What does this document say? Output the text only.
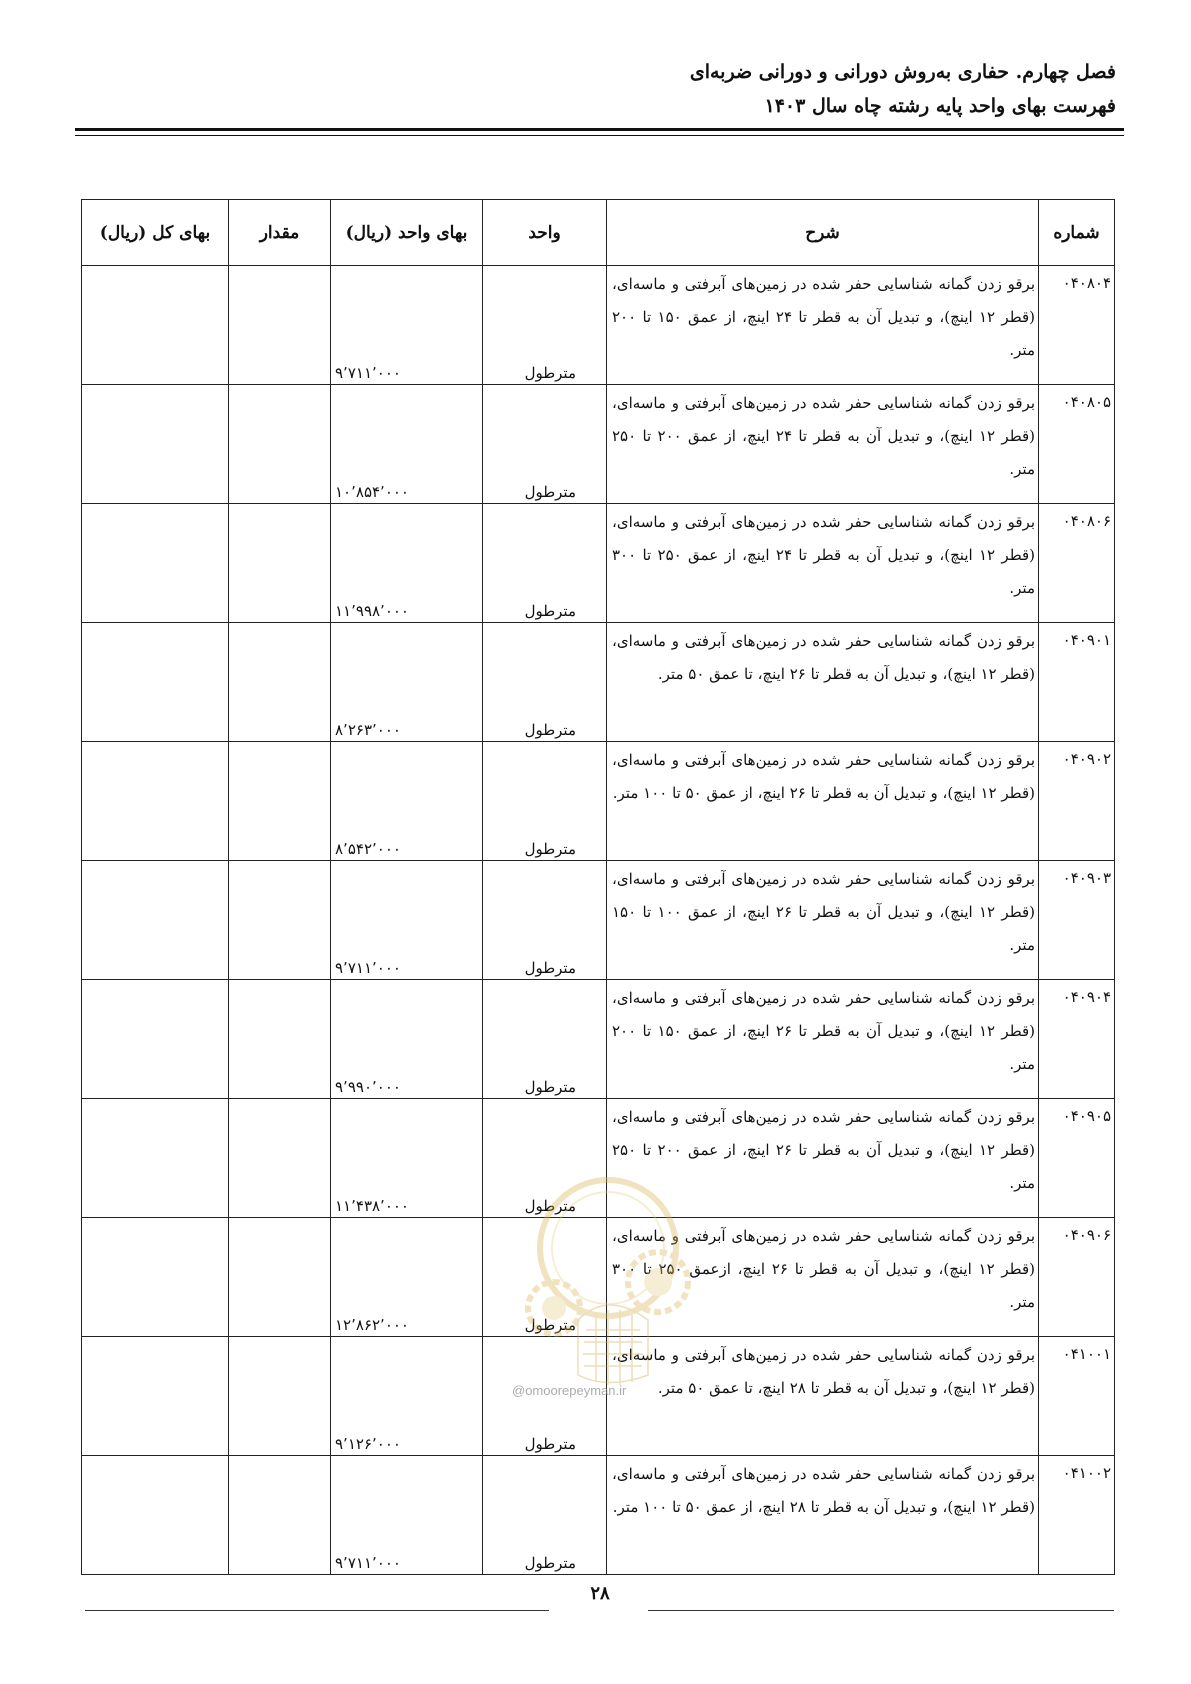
فصل چهارم. حفاری به‌روش دورانی و دورانی ضربه‌ای
فهرست بهای واحد پایه رشته چاه سال ۱۴۰۳
شماره	شرح	واحد	بهای واحد (ریال)	مقدار	بهای کل (ریال)
۰۴۰۸۰۴	برقو زدن گمانه شناسایی حفر شده در زمین‌های آبرفتی و ماسه‌ای، (قطر ۱۲ اینچ)، و تبدیل آن به قطر تا ۲۴ اینچ، از عمق ۱۵۰ تا ۲۰۰ متر.	مترطول	۹٬۷۱۱٬۰۰۰		

۰۴۰۸۰۵	برقو زدن گمانه شناسایی حفر شده در زمین‌های آبرفتی و ماسه‌ای، (قطر ۱۲ اینچ)، و تبدیل آن به قطر تا ۲۴ اینچ، از عمق ۲۰۰ تا ۲۵۰ متر.	مترطول	۱۰٬۸۵۴٬۰۰۰		

۰۴۰۸۰۶	برقو زدن گمانه شناسایی حفر شده در زمین‌های آبرفتی و ماسه‌ای، (قطر ۱۲ اینچ)، و تبدیل آن به قطر تا ۲۴ اینچ، از عمق ۲۵۰ تا ۳۰۰ متر.	مترطول	۱۱٬۹۹۸٬۰۰۰		

۰۴۰۹۰۱	برقو زدن گمانه شناسایی حفر شده در زمین‌های آبرفتی و ماسه‌ای، (قطر ۱۲ اینچ)، و تبدیل آن به قطر تا ۲۶ اینچ، تا عمق ۵۰ متر.	مترطول	۸٬۲۶۳٬۰۰۰		

۰۴۰۹۰۲	برقو زدن گمانه شناسایی حفر شده در زمین‌های آبرفتی و ماسه‌ای، (قطر ۱۲ اینچ)، و تبدیل آن به قطر تا ۲۶ اینچ، از عمق ۵۰ تا ۱۰۰ متر.	مترطول	۸٬۵۴۲٬۰۰۰		

۰۴۰۹۰۳	برقو زدن گمانه شناسایی حفر شده در زمین‌های آبرفتی و ماسه‌ای، (قطر ۱۲ اینچ)، و تبدیل آن به قطر تا ۲۶ اینچ، از عمق ۱۰۰ تا ۱۵۰ متر.	مترطول	۹٬۷۱۱٬۰۰۰		

۰۴۰۹۰۴	برقو زدن گمانه شناسایی حفر شده در زمین‌های آبرفتی و ماسه‌ای، (قطر ۱۲ اینچ)، و تبدیل آن به قطر تا ۲۶ اینچ، از عمق ۱۵۰ تا ۲۰۰ متر.	مترطول	۹٬۹۹۰٬۰۰۰		

۰۴۰۹۰۵	برقو زدن گمانه شناسایی حفر شده در زمین‌های آبرفتی و ماسه‌ای، (قطر ۱۲ اینچ)، و تبدیل آن به قطر تا ۲۶ اینچ، از عمق ۲۰۰ تا ۲۵۰ متر.	مترطول	۱۱٬۴۳۸٬۰۰۰		

۰۴۰۹۰۶	برقو زدن گمانه شناسایی حفر شده در زمین‌های آبرفتی و ماسه‌ای، (قطر ۱۲ اینچ)، و تبدیل آن به قطر تا ۲۶ اینچ، ازعمق ۲۵۰ تا ۳۰۰ متر.	مترطول	۱۲٬۸۶۲٬۰۰۰		

۰۴۱۰۰۱	برقو زدن گمانه شناسایی حفر شده در زمین‌های آبرفتی و ماسه‌ای، (قطر ۱۲ اینچ)، و تبدیل آن به قطر تا ۲۸ اینچ، تا عمق ۵۰ متر.	مترطول	۹٬۱۲۶٬۰۰۰		

۰۴۱۰۰۲	برقو زدن گمانه شناسایی حفر شده در زمین‌های آبرفتی و ماسه‌ای، (قطر ۱۲ اینچ)، و تبدیل آن به قطر تا ۲۸ اینچ، از عمق ۵۰ تا ۱۰۰ متر.	مترطول	۹٬۷۱۱٬۰۰۰		

@omoorepeyman.ir
۲۸
